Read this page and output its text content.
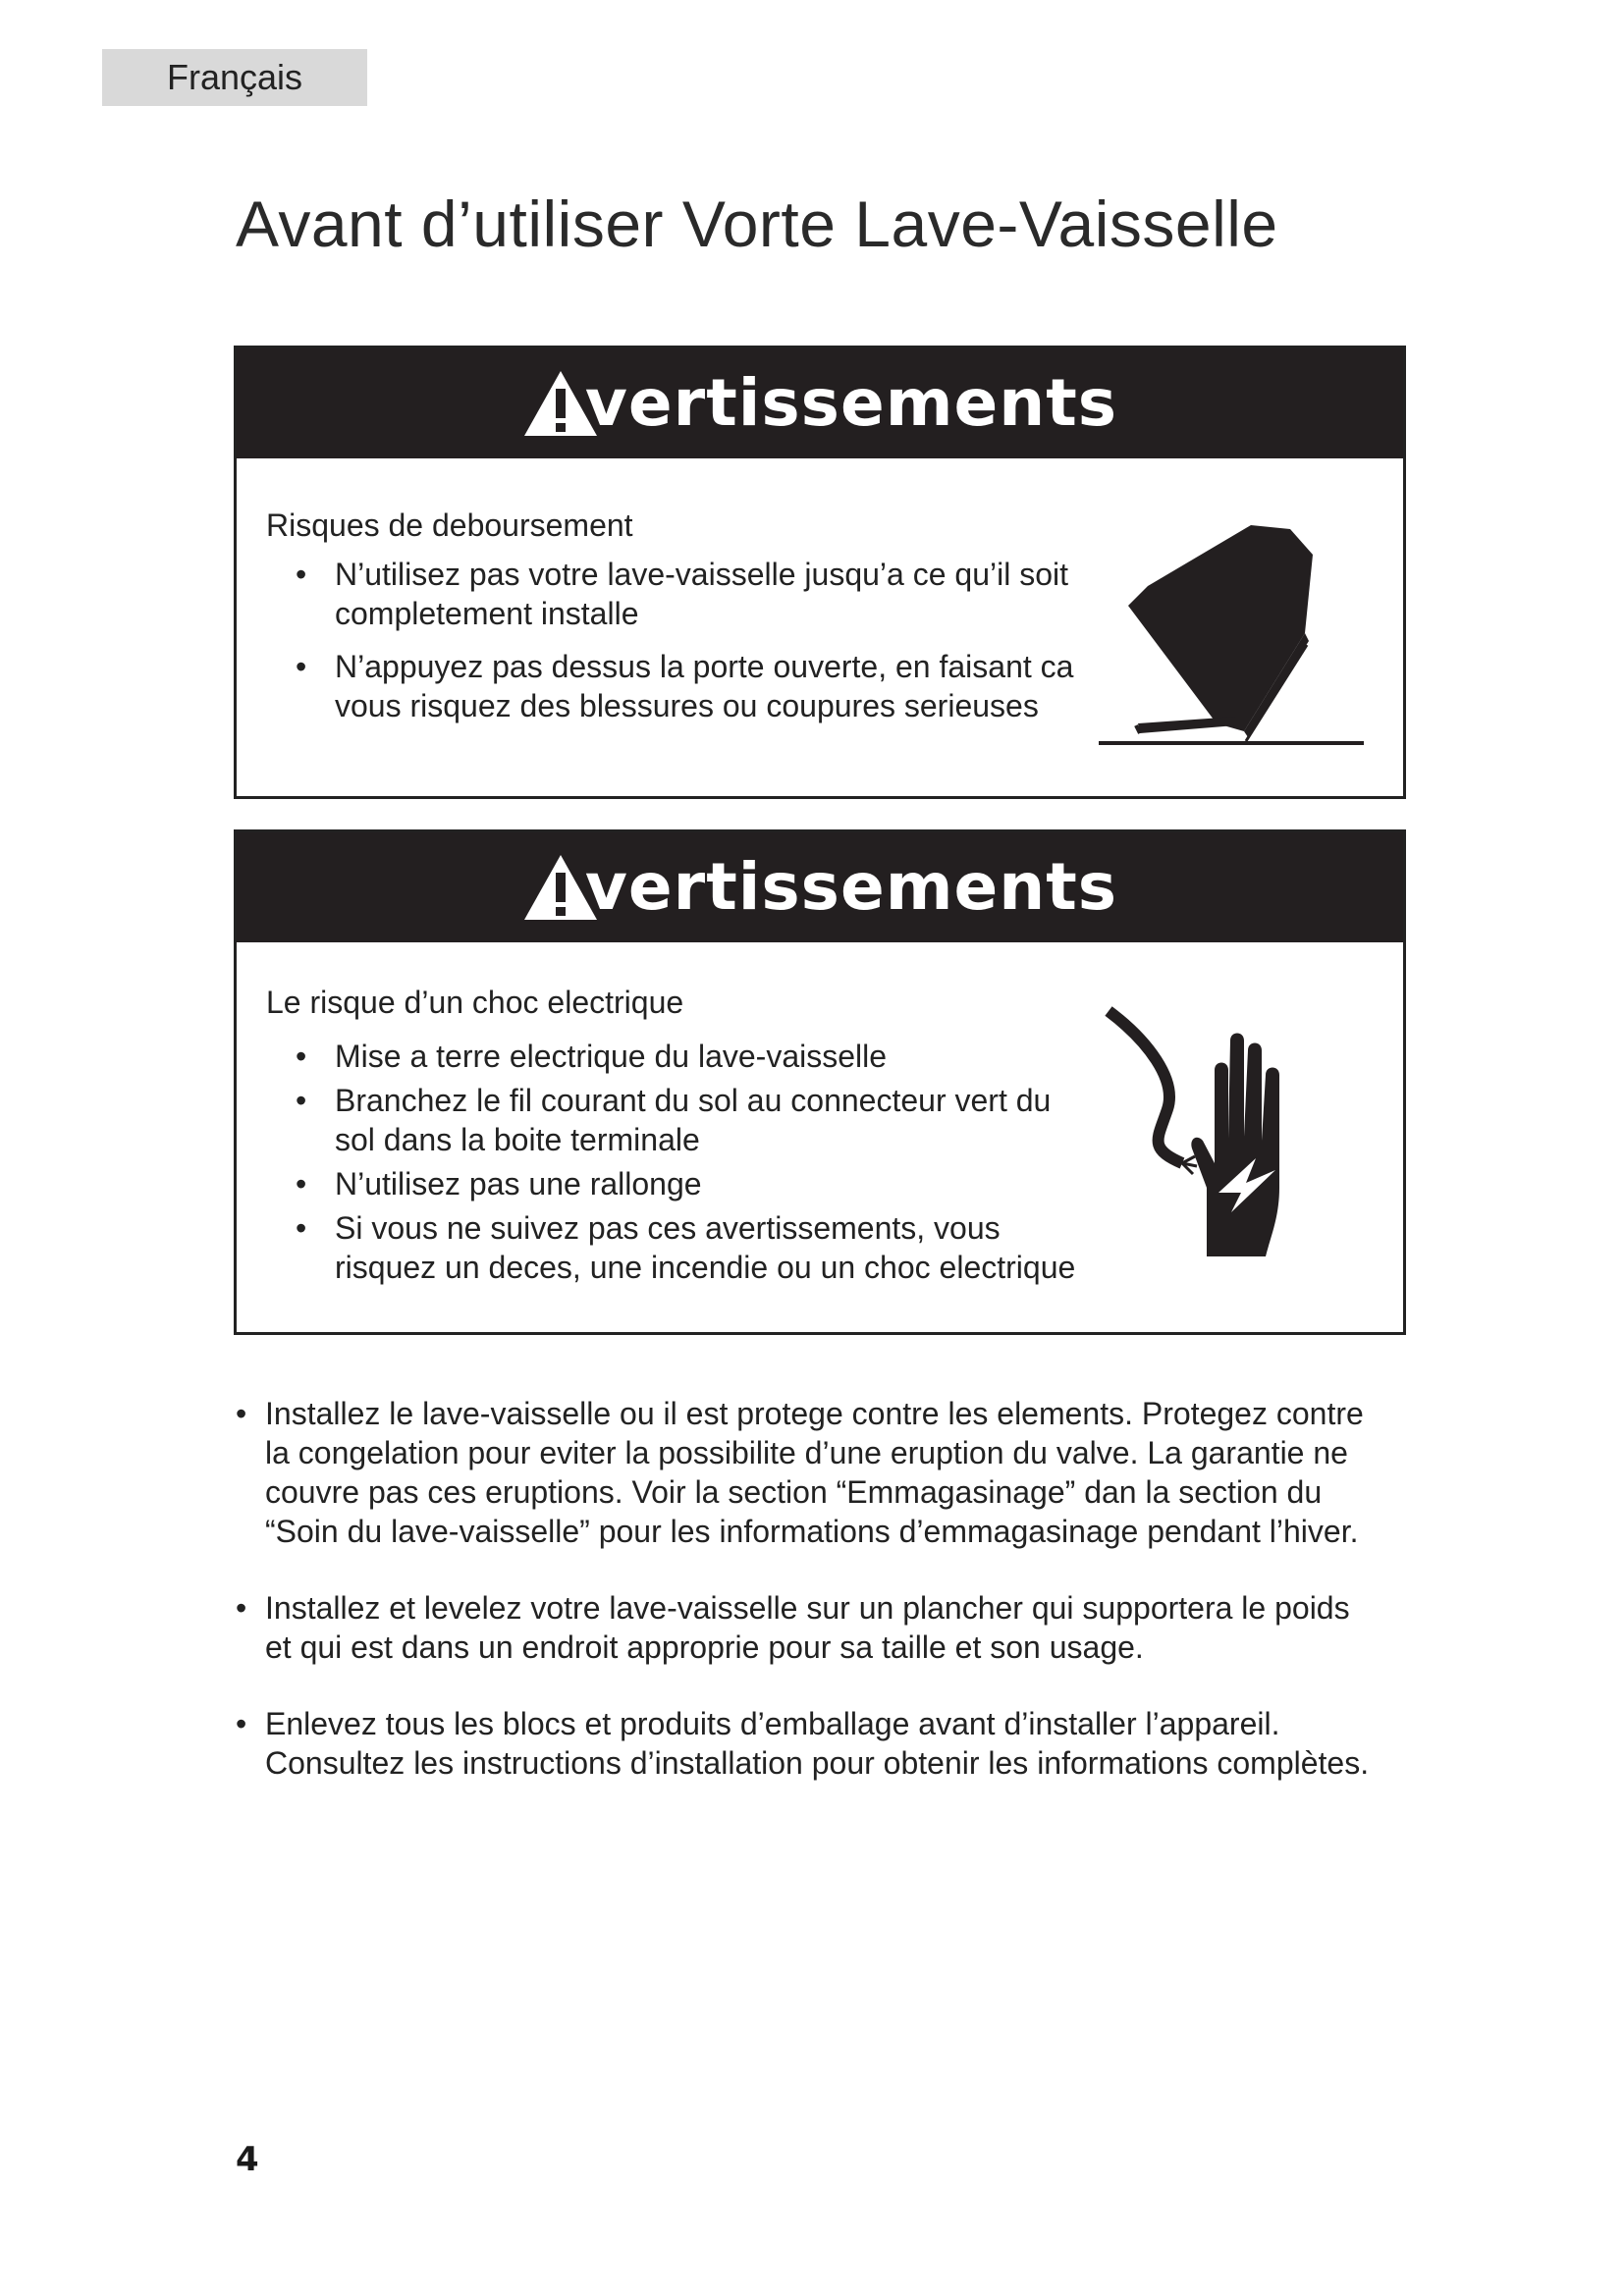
Français
Avant d’utiliser Vorte Lave-Vaisselle
vertissements
Risques de deboursement
• N’utilisez pas votre lave-vaisselle jusqu’a ce qu’il soit completement installe
• N’appuyez pas dessus la porte ouverte, en faisant ca vous risquez des blessures ou coupures serieuses
vertissements
Le risque d’un choc electrique
• Mise a terre electrique du lave-vaisselle
• Branchez le fil courant du sol au connecteur vert du sol dans la boite terminale
• N’utilisez pas une rallonge
• Si vous ne suivez pas ces avertissements, vous risquez un deces, une incendie ou un choc electrique
• Installez le lave-vaisselle ou il est protege contre les elements. Protegez contre la congelation pour eviter la possibilite d’une eruption du valve. La garantie ne couvre pas ces eruptions. Voir la section “Emmagasinage” dan la section du “Soin du lave-vaisselle” pour les informations d’emmagasinage pendant l’hiver.
• Installez et levelez votre lave-vaisselle sur un plancher qui supportera le poids et qui est dans un endroit approprie pour sa taille et son usage.
• Enlevez tous les blocs et produits d’emballage avant d’installer l’appareil. Consultez les instructions d’installation pour obtenir les informations complètes.
4
